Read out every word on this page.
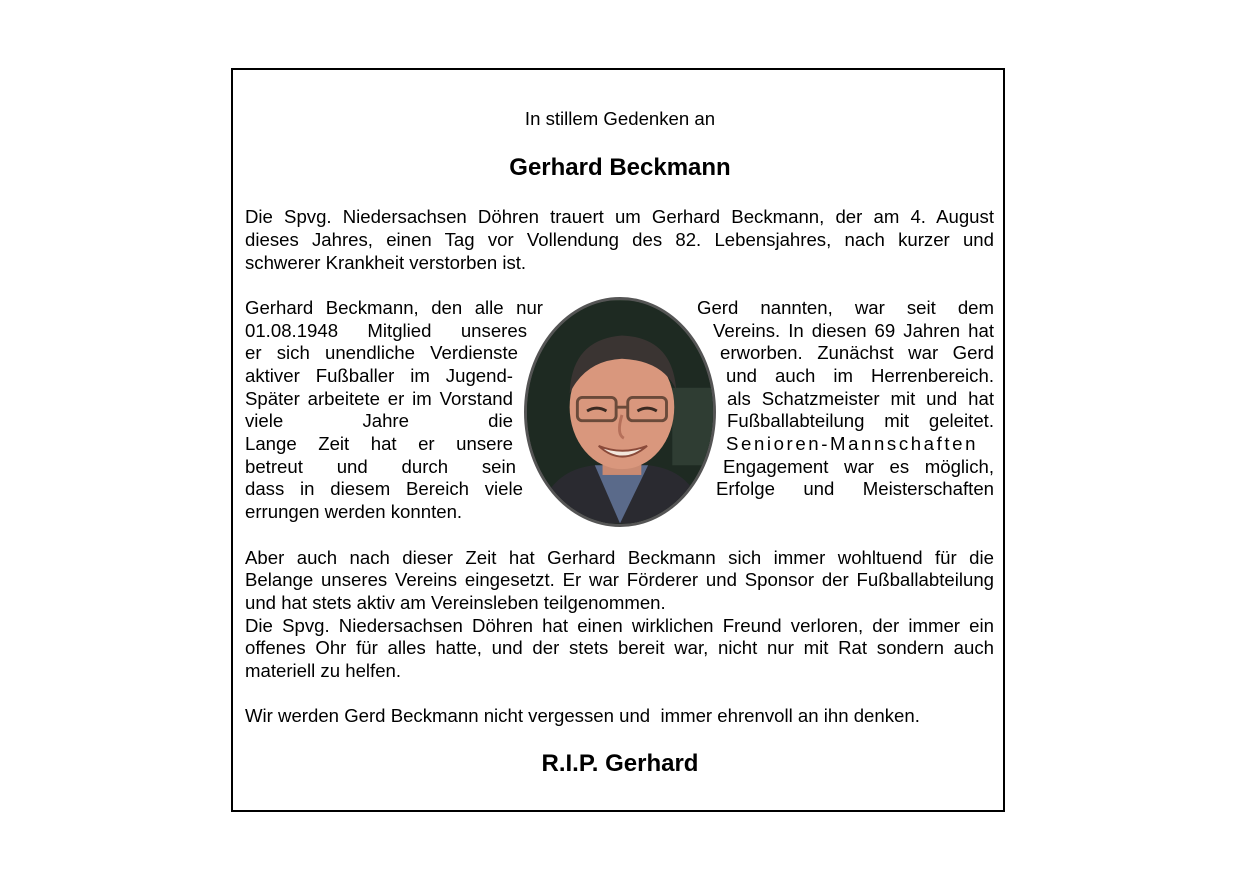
In stillem Gedenken an
Gerhard Beckmann
Die Spvg. Niedersachsen Döhren trauert um Gerhard Beckmann, der am 4. August
dieses Jahres, einen Tag vor Vollendung des 82. Lebensjahres, nach kurzer und
schwerer Krankheit verstorben ist.
Gerhard Beckmann, den alle nur
01.08.1948 Mitglied unseres
er sich unendliche Verdienste
aktiver Fußballer im Jugend-
Später arbeitete er im Vorstand
viele Jahre die
Lange Zeit hat er unsere
betreut und durch sein
dass in diesem Bereich viele
errungen werden konnten.
Gerd nannten, war seit dem
Vereins. In diesen 69 Jahren hat
erworben. Zunächst war Gerd
und auch im Herrenbereich.
als Schatzmeister mit und hat
Fußballabteilung mit geleitet.
Senioren-Mannschaften
Engagement war es möglich,
Erfolge und Meisterschaften
Aber auch nach dieser Zeit hat Gerhard Beckmann sich immer wohltuend für die
Belange unseres Vereins eingesetzt. Er war Förderer und Sponsor der Fußballabteilung
und hat stets aktiv am Vereinsleben teilgenommen.
Die Spvg. Niedersachsen Döhren hat einen wirklichen Freund verloren, der immer ein
offenes Ohr für alles hatte, und der stets bereit war, nicht nur mit Rat sondern auch
materiell zu helfen.
Wir werden Gerd Beckmann nicht vergessen und  immer ehrenvoll an ihn denken.
R.I.P. Gerhard
